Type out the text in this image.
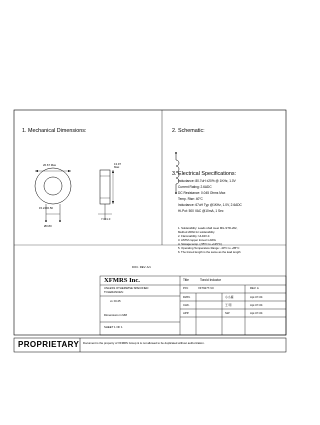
1. Mechanical Dimensions:	2. Schematic:
3. Electrical Specifications:
26.67 Max	13.97
Max
15.24±0.50
Ø0.80
7.0±1.0
Inductance: 80.7uH ±20% @ 1KHz, 1.0V
Current Rating: 2.6ADC
DC Resistance: 0.045 Ohms Max
Temp. Rise: 40°C
Inductance: 67uH Typ @1KHz, 1.0V, 2.6ADC
Hi-Pot: 500 VAC @10mA, 1 Sec
1. Solderability: Leads shall meet MIL-STD-202,
Method 208H for solderability.
2. Flammability: UL94V-0.
3. ASTM copper tinned 1 AWG
4. Storage temp. (-55°C to +125°C)
5. Operating Temperature Range: -40°C to +85°C
6. The tinned length is the same as the lead length
DOC. REV. A/1
XFMRS Inc.	Title	Toroid Inductor
UNLESS OTHERWISE SPECIFIED
TOLERANCES:
xx ±0.25
Dimensions in MM
SHEET 1 OF 1
P/N:	XF7927T-V0	REV. A
DWN.	小小鹿	Apr-07-04
CHK.	王 明	Apr-07-04
APP.	SW	Apr-07-04
PROPRIETARY Document is the property of XFMRS Group & is not allowed to be duplicated without authorization.
